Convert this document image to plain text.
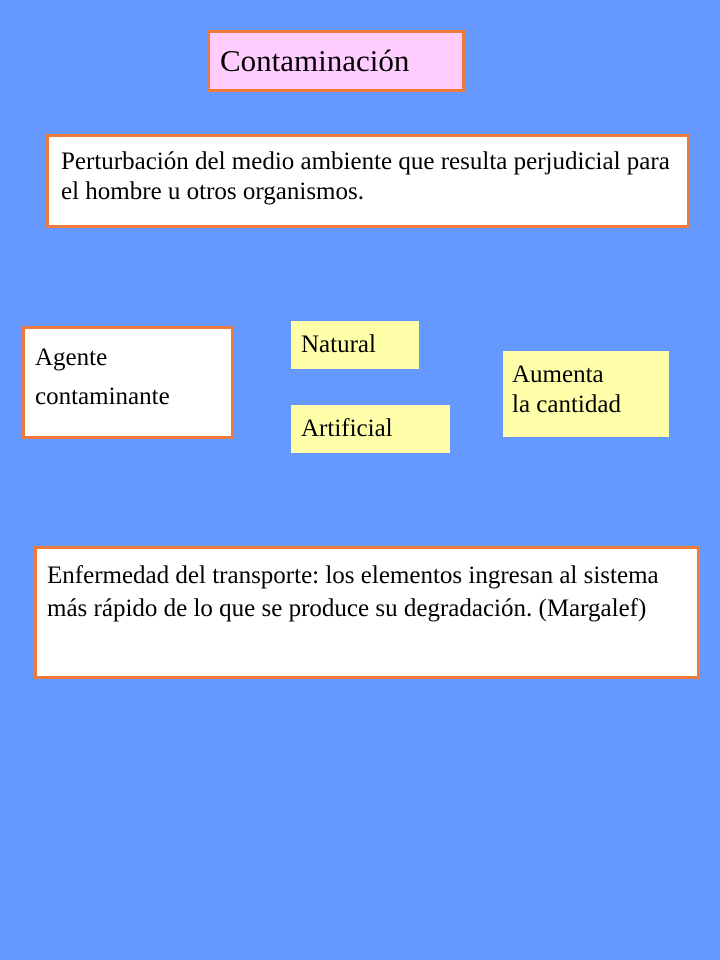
Contaminación
Perturbación del medio ambiente que resulta perjudicial para el hombre u otros organismos.
Agente
contaminante
Natural
Artificial
Aumenta
la cantidad
Enfermedad del transporte: los elementos ingresan al sistema más rápido de lo que se produce su degradación. (Margalef)
